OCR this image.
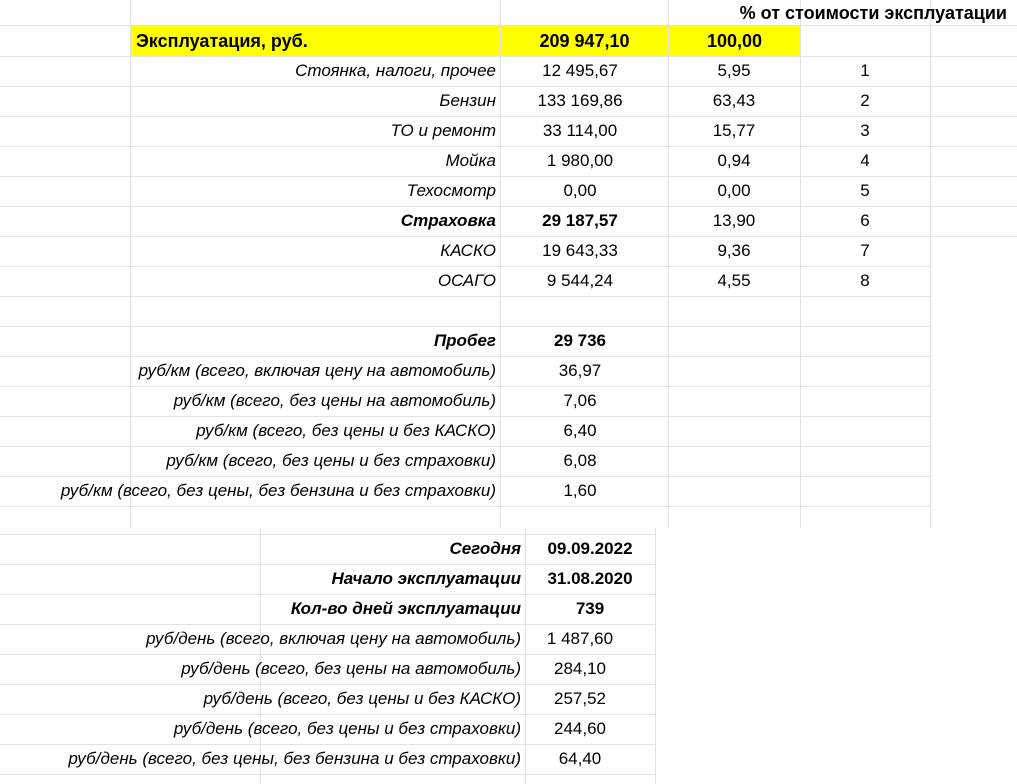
% от стоимости эксплуатации
Эксплуатация, руб.	209 947,10	100,00
Стоянка, налоги, прочее	12 495,67	5,95	1
Бензин	133 169,86	63,43	2
ТО и ремонт	33 114,00	15,77	3
Мойка	1 980,00	0,94	4
Техосмотр	0,00	0,00	5
Страховка	29 187,57	13,90	6
КАСКО	19 643,33	9,36	7
ОСАГО	9 544,24	4,55	8
Пробег	29 736
руб/км (всего, включая цену на автомобиль)	36,97
руб/км (всего, без цены на автомобиль)	7,06
руб/км (всего, без цены и без КАСКО)	6,40
руб/км (всего, без цены и без страховки)	6,08
руб/км (всего, без цены, без бензина и без страховки)	1,60
Сегодня	09.09.2022
Начало эксплуатации	31.08.2020
Кол-во дней эксплуатации	739
руб/день (всего, включая цену на автомобиль)	1 487,60
руб/день (всего, без цены на автомобиль)	284,10
руб/день (всего, без цены и без КАСКО)	257,52
руб/день (всего, без цены и без страховки)	244,60
руб/день (всего, без цены, без бензина и без страховки)	64,40
